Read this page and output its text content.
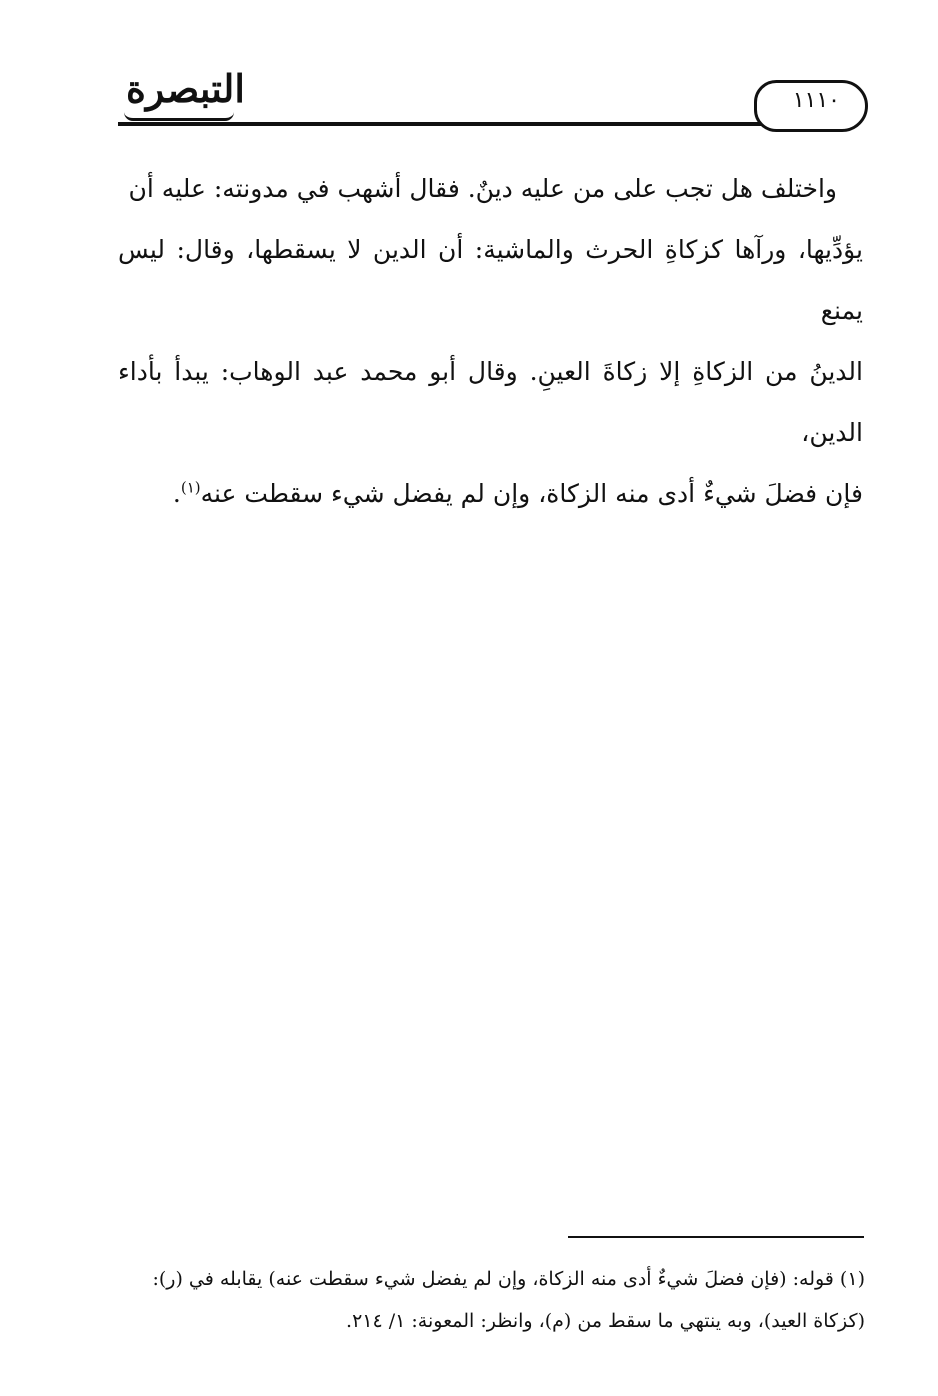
التبصرة	١١١٠

واختلف هل تجب على من عليه دينٌ. فقال أشهب في مدونته: عليه أن

يؤدِّيها، ورآها كزكاةِ الحرث والماشية: أن الدين لا يسقطها، وقال: ليس يمنع

الدينُ من الزكاةِ إلا زكاةَ العينِ. وقال أبو محمد عبد الوهاب: يبدأ بأداء الدين،

فإن فضلَ شيءٌ أدى منه الزكاة، وإن لم يفضل شيء سقطت عنه$^{(١)}$.

(١) قوله: (فإن فضلَ شيءٌ أدى منه الزكاة، وإن لم يفضل شيء سقطت عنه) يقابله في (ر):

(كزكاة العيد)، وبه ينتهي ما سقط من (م)، وانظر: المعونة: ١/ ٢١٤.
